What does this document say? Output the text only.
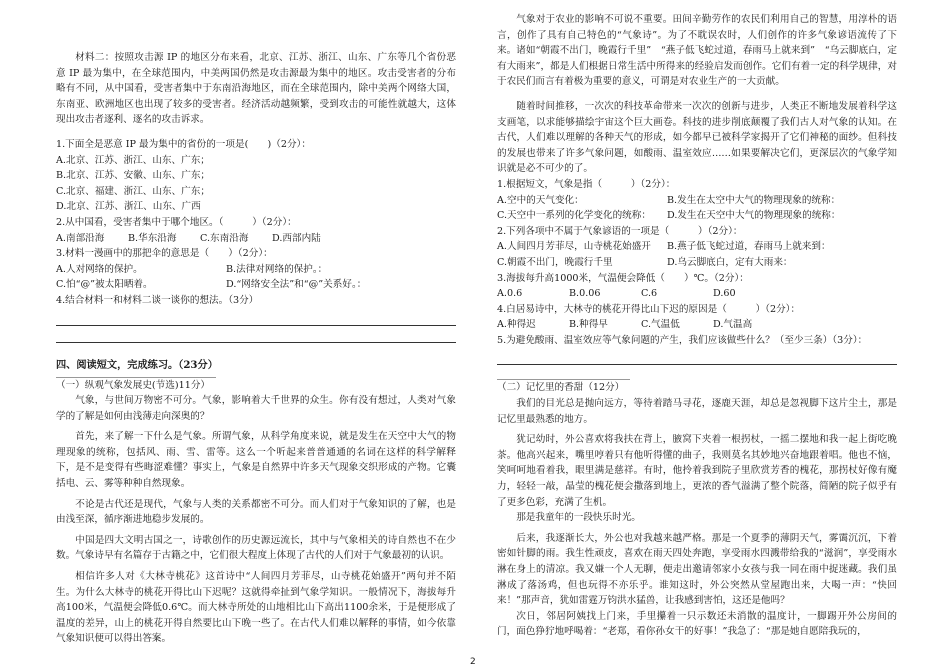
材料二：按照攻击源 IP 的地区分布来看，北京、江苏、浙江、山东、广东等几个省份恶意 IP 最为集中，在全球范围内，中美两国仍然是攻击源最为集中的地区。攻击受害者的分布略有不同，从中国看，受害者集中于东南沿海地区，而在全球范围内，除中美两个网络大国，东南亚、欧洲地区也出现了较多的受害者。经济活动越频繁，受到攻击的可能性就越大，这体现出攻击者逐利、逐名的攻击诉求。

1.下面全是恶意 IP 最为集中的省份的一项是(　　)（2分）：

A.北京、江苏、浙江、山东、广东；

B.北京、江苏、安徽、山东、广东；

C.北京、福建、浙江、山东、广东；

D.北京、江苏、浙江、山东、广西

2.从中国看，受害者集中于哪个地区。（　　　）（2分）：

A.南部沿海	B.华东沿海	C.东南沿海	D.西部内陆

3.材料一漫画中的那把伞的意思是（　　）（2分）：

A.人对网络的保护。	B.法律对网络的保护。：
C.怕“@”被太阳晒着。	D.“网络安全法”和“@”关系好。：

4.结合材料一和材料二谈一谈你的想法。（3分）

四、阅读短文，完成练习。（23分）

（一）纵观气象发展史(节选)11分）

气象，与世间万物密不可分。气象，影响着大千世界的众生。你有没有想过，人类对气象学的了解是如何由浅薄走向深奥的？

首先，来了解一下什么是气象。所谓气象，从科学角度来说，就是发生在天空中大气的物理现象的统称，包括风、雨、雪、雷等。这么一个听起来普普通通的名词在这样的科学解释下，是不是变得有些晦涩难懂？事实上，气象是自然界中许多天气现象交织形成的产物。它囊括电、云、雾等种种自然现象。

不论是古代还是现代，气象与人类的关系都密不可分。而人们对于气象知识的了解，也是由浅至深，循序渐进地稳步发展的。

中国是四大文明古国之一，诗歌创作的历史源远流长，其中与气象相关的诗自然也不在少数。气象诗早有名篇存于古籍之中，它们很大程度上体现了古代的人们对于气象最初的认识。

相信许多人对《大林寺桃花》这首诗中“人间四月芳菲尽，山寺桃花始盛开”两句并不陌生。为什么大林寺的桃花开得比山下迟呢？这就得牵扯到气象学知识。一般情况下，海拔每升高100米，气温便会降低0.6℃。而大林寺所处的山地相比山下高出1100余米，于是便形成了温度的差异，山上的桃花开得自然要比山下晚一些了。在古代人们难以解释的事情，如今依靠气象知识便可以得出答案。

气象对于农业的影响不可说不重要。田间辛勤劳作的农民们利用自己的智慧，用淳朴的语言，创作了具有自己特色的“气象诗”。为了不耽误农时，人们创作的许多气象谚语流传了下来。诸如“朝霞不出门，晚霞行千里”　“燕子低飞蛇过道，春雨马上就来到”　“乌云脚底白，定有大雨来”，都是人们根据日常生活中所得来的经验启发而创作。它们有着一定的科学规律，对于农民们而言有着极为重要的意义，可谓是对农业生产的一大贡献。

随着时间推移，一次次的科技革命带来一次次的创新与进步，人类正不断地发展着科学这支画笔，以求能够描绘宇宙这个巨大画卷。科技的进步削底颠覆了我们古人对气象的认知。在古代，人们难以理解的各种天气的形成，如今都早已被科学家揭开了它们神秘的面纱。但科技的发展也带来了许多气象问题，如酸雨、温室效应……如果要解决它们，更深层次的气象学知识就是必不可少的了。

1.根据短文，气象是指（　　　）（2分）：

A.空中的天气变化：	B.发生在太空中大气的物理现象的统称：
C.天空中一系列的化学变化的统称：	D.发生在天空中大气的物理现象的统称：

2.下列各项中不属于气象谚语的一项是（　　　）（2分）：

A.人间四月芳菲尽，山寺桃花始盛开	B.燕子低飞蛇过道，春雨马上就来到：
C.朝霞不出门，晚霞行千里	D.乌云脚底白，定有大雨来：

3.海拔每升高1000米，气温便会降低（　　）℃。（2分）：

A.0.6	B.0.06	C.6	D.60

4.白居易诗中，大林寺的桃花开得比山下迟的原因是（　　　）（2分）：

A.种得迟	B.种得早	C.气温低	D.气温高

5.为避免酸雨、温室效应等气象问题的产生，我们应该做些什么？（至少三条）（3分）：

（二）记忆里的香甜（12分）

我们的目光总是抛向远方，等待着踏马寻花，逐鹿天涯，却总是忽视脚下这片尘土，那是记忆里最熟悉的地方。

犹记幼时，外公喜欢将我扶在背上，腋窝下夹着一根拐杖，一摇二摆地和我一起上街吃晚茶。他高兴起来，嘴里哼着只有他听得懂的曲子，我则莫名其妙地兴奋地跟着唱。他也不恼，笑呵呵地看着我，眼里满是慈祥。有时，他拎着我到院子里欣赏芳香的槐花，那拐杖好像有魔力，轻轻一敲，晶莹的槐花便会撒落到地上，更浓的香气溢满了整个院落，简陋的院子似乎有了更多色彩，充满了生机。

那是我童年的一段快乐时光。

后来，我逐渐长大，外公也对我越来越严格。那是一个夏季的薄阴天气，雾霭沉沉，下着密如针脚的雨。我生性顽皮，喜欢在雨天四处奔跑，享受雨水四溅带给我的“滋润”，享受雨水淋在身上的清凉。我又嫌一个人无聊，便走出邀请邻家小女孩与我一同在雨中捉迷藏。我们虽淋成了落汤鸡，但也玩得不亦乐乎。谁知这时，外公突然从堂屋跑出来，大喝一声：“快回来！”那声音，犹如雷霆万钧洪水猛兽，让我感到害怕，这还是他吗？

次日，邻居阿姨找上门来，手里攥着一只示数还未消散的温度计，一脚踢开外公房间的门，面色狰狞地呼喝着：“老郑，看你孙女干的好事！”我急了：“那是她自愿陪我玩的，

2
